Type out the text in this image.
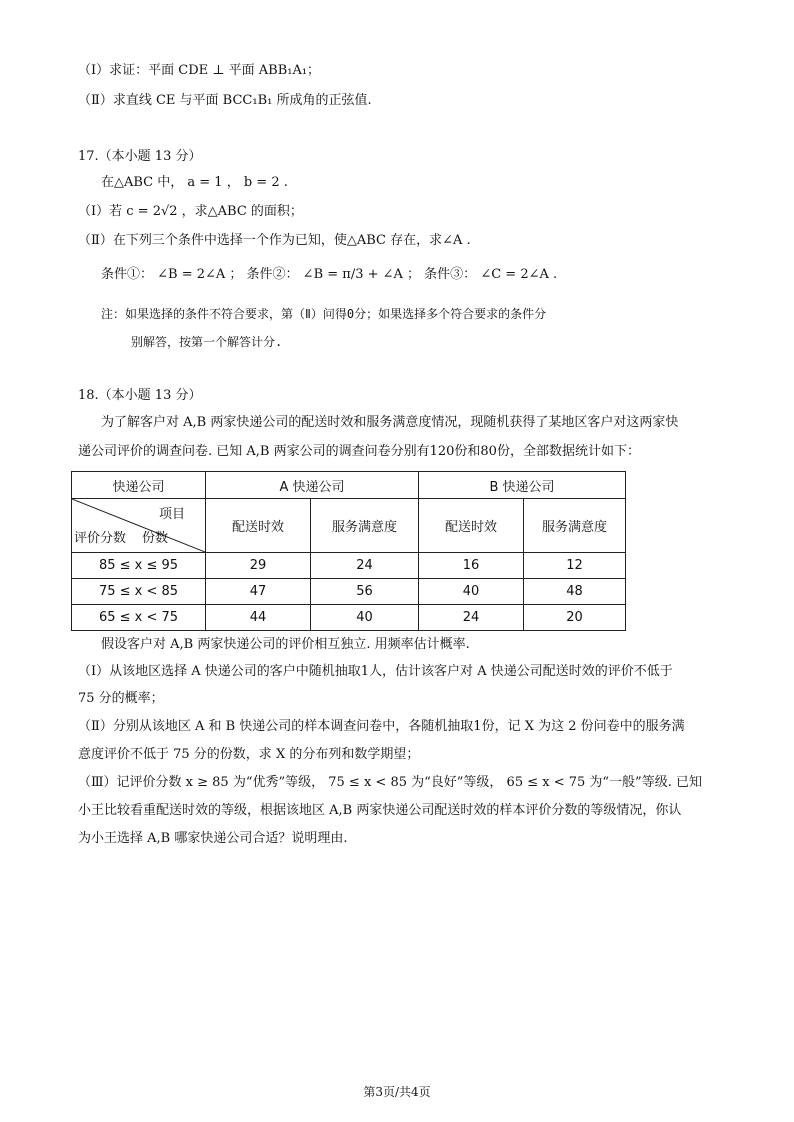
（Ⅰ）求证：平面 CDE ⊥ 平面 ABB₁A₁；
（Ⅱ）求直线 CE 与平面 BCC₁B₁ 所成角的正弦值.
17.（本小题 13 分）
在△ABC 中， a = 1 ， b = 2 .
（Ⅰ）若 c = 2√2 ，求△ABC 的面积；
（Ⅱ）在下列三个条件中选择一个作为已知，使△ABC 存在，求∠A .
条件①： ∠B = 2∠A ； 条件②： ∠B = π/3 + ∠A ； 条件③： ∠C = 2∠A .
注：如果选择的条件不符合要求，第（Ⅱ）问得0分；如果选择多个符合要求的条件分
别解答，按第一个解答计分.
18.（本小题 13 分）
为了解客户对 A,B 两家快递公司的配送时效和服务满意度情况，现随机获得了某地区客户对这两家快
递公司评价的调查问卷. 已知 A,B 两家公司的调查问卷分别有120份和80份，全部数据统计如下：
快递公司	A 快递公司		B 快递公司	

项目
评价分数 份数	配送时效	服务满意度	配送时效	服务满意度
85 ≤ x ≤ 95	29	24	16	12
75 ≤ x < 85	47	56	40	48
65 ≤ x < 75	44	40	24	20
假设客户对 A,B 两家快递公司的评价相互独立. 用频率估计概率.
（Ⅰ）从该地区选择 A 快递公司的客户中随机抽取1人，估计该客户对 A 快递公司配送时效的评价不低于
75 分的概率；
（Ⅱ）分别从该地区 A 和 B 快递公司的样本调查问卷中，各随机抽取1份，记 X 为这 2 份问卷中的服务满
意度评价不低于 75 分的份数，求 X 的分布列和数学期望；
（Ⅲ）记评价分数 x ≥ 85 为“优秀”等级， 75 ≤ x < 85 为“良好”等级， 65 ≤ x < 75 为“一般”等级. 已知
小王比较看重配送时效的等级，根据该地区 A,B 两家快递公司配送时效的样本评价分数的等级情况，你认
为小王选择 A,B 哪家快递公司合适？说明理由.
第3页/共4页
